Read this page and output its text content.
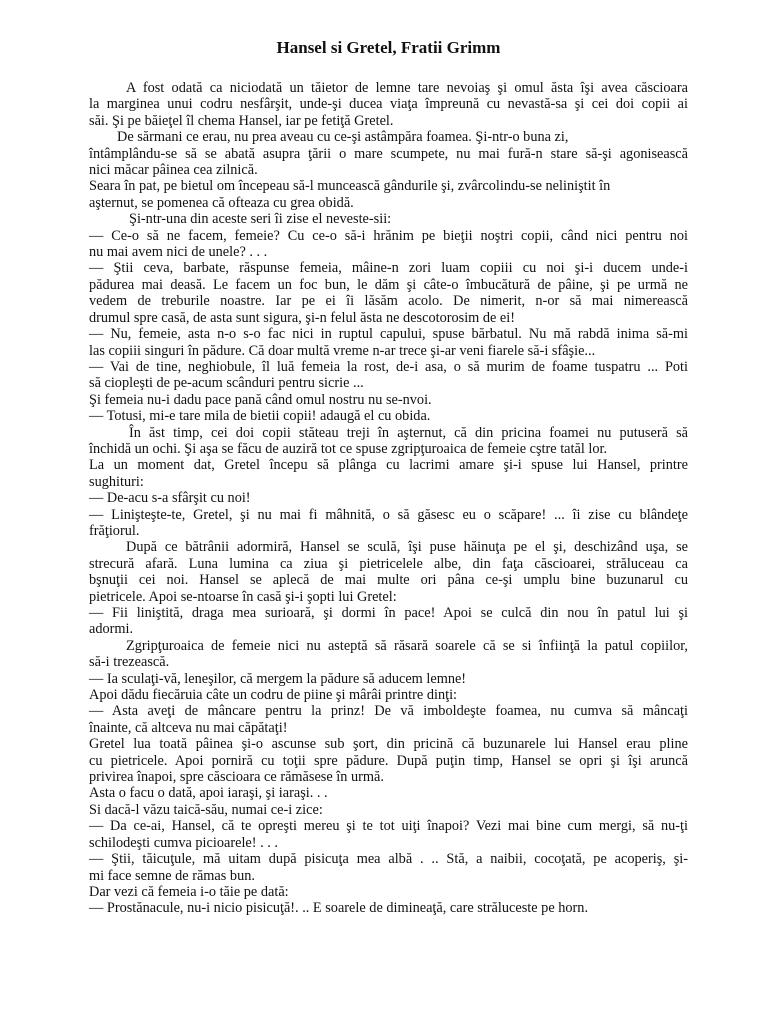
Hansel si Gretel, Fratii Grimm
A fost odată ca niciodată un tăietor de lemne tare nevoiaş şi omul ăsta îşi avea căscioara
la marginea unui codru nesfârşit, unde-şi ducea viaţa împreună cu nevastă-sa şi cei doi copii ai
săi. Şi pe băieţel îl chema Hansel, iar pe fetiţă Gretel.
De sărmani ce erau, nu prea aveau cu ce-şi astâmpăra foamea. Şi-ntr-o buna zi,
întâmplându-se să se abată asupra ţării o mare scumpete, nu mai fură-n stare să-şi agonisească
nici măcar pâinea cea zilnică.
Seara în pat, pe bietul om începeau să-l muncească gândurile şi, zvârcolindu-se neliniştit în
aşternut, se pomenea că ofteaza cu grea obidă.
Şi-ntr-una din aceste seri îi zise el neveste-sii:
— Ce-o să ne facem, femeie? Cu ce-o să-i hrănim pe bieţii noştri copii, când nici pentru noi
nu mai avem nici de unele? . . .
— Ştii ceva, barbate, răspunse femeia, mâine-n zori luam copiii cu noi şi-i ducem unde-i
pădurea mai deasă. Le facem un foc bun, le dăm şi câte-o îmbucătură de pâine, şi pe urmă ne
vedem de treburile noastre. Iar pe ei îi lăsăm acolo. De nimerit, n-or să mai nimerească
drumul spre casă, de asta sunt sigura, şi-n felul ăsta ne descotorosim de ei!
— Nu, femeie, asta n-o s-o fac nici in ruptul capului, spuse bărbatul. Nu mă rabdă inima să-mi
las copiii singuri în pădure. Că doar multă vreme n-ar trece şi-ar veni fiarele să-i sfâşie...
— Vai de tine, neghiobule, îl luă femeia la rost, de-i asa, o să murim de foame tuspatru ... Poti
să ciopleşti de pe-acum scânduri pentru sicrie ...
Şi femeia nu-i dadu pace pană când omul nostru nu se-nvoi.
— Totusi, mi-e tare mila de bietii copii! adaugă el cu obida.
În ăst timp, cei doi copii stăteau treji în aşternut, că din pricina foamei nu putuseră să
închidă un ochi. Şi aşa se făcu de auziră tot ce spuse zgripţuroaica de femeie cştre tatăl lor.
La un moment dat, Gretel începu să plânga cu lacrimi amare şi-i spuse lui Hansel, printre
sughituri:
— De-acu s-a sfârşit cu noi!
— Linişteşte-te, Gretel, şi nu mai fi mâhnită, o să găsesc eu o scăpare! ... îi zise cu blândeţe
frăţiorul.
După ce bătrânii adormiră, Hansel se sculă, îşi puse hăinuţa pe el şi, deschizând uşa, se
strecură afară. Luna lumina ca ziua şi pietricelele albe, din faţa căscioarei, străluceau ca
bşnuţii cei noi. Hansel se aplecă de mai multe ori pâna ce-şi umplu bine buzunarul cu
pietricele. Apoi se-ntoarse în casă şi-i şopti lui Gretel:
— Fii liniştită, draga mea surioară, şi dormi în pace! Apoi se culcă din nou în patul lui şi
adormi.
Zgripţuroaica de femeie nici nu asteptă să răsară soarele că se si înfiinţă la patul copiilor,
să-i trezească.
— Ia sculaţi-vă, leneşilor, că mergem la pădure să aducem lemne!
Apoi dădu fiecăruia câte un codru de piine şi mârâi printre dinţi:
— Asta aveţi de mâncare pentru la prinz! De vă imboldeşte foamea, nu cumva să mâncaţi
înainte, că altceva nu mai căpătaţi!
Gretel lua toată pâinea şi-o ascunse sub şort, din pricină că buzunarele lui Hansel erau pline
cu pietricele. Apoi porniră cu toţii spre pădure. După puţin timp, Hansel se opri şi îşi aruncă
privirea înapoi, spre căscioara ce rămăsese în urmă.
Asta o facu o dată, apoi iaraşi, şi iaraşi. . .
Si dacă-l văzu taică-său, numai ce-i zice:
— Da ce-ai, Hansel, că te opreşti mereu şi te tot uiţi înapoi? Vezi mai bine cum mergi, să nu-ţi
schilodeşti cumva picioarele! . . .
— Ştii, tăicuţule, mă uitam după pisicuţa mea albă . .. Stă, a naibii, cocoţată, pe acoperiş, şi-
mi face semne de rămas bun.
Dar vezi că femeia i-o tăie pe dată:
— Prostănacule, nu-i nicio pisicuţă!. .. E soarele de dimineaţă, care străluceste pe horn.
